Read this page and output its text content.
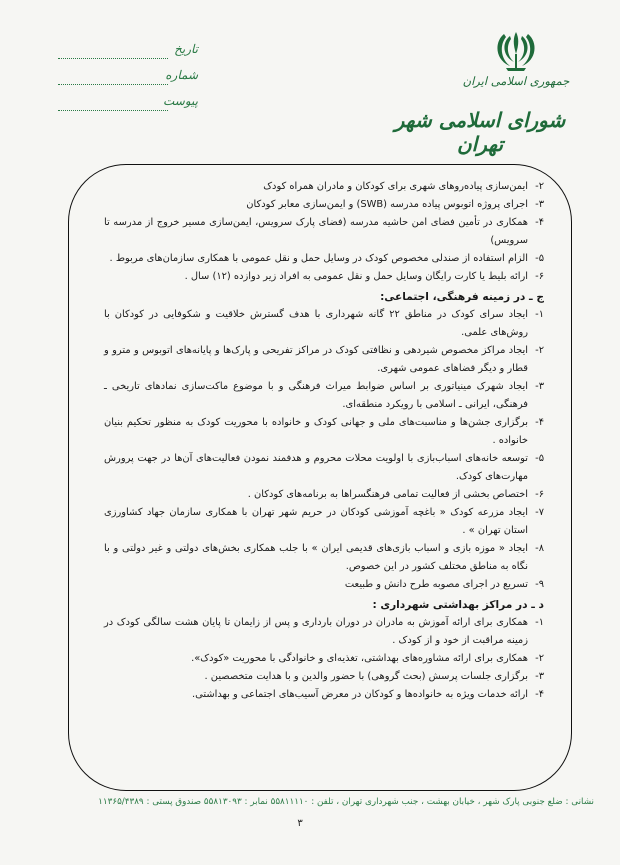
جمهوری اسلامی ایران
شورای اسلامی شهر تهران
تاریخ
شماره
پیوست
۲-
ایمن‌سازی پیاده‌روهای شهری برای کودکان و مادران همراه کودک
۳-
اجرای پروژه اتوبوس پیاده مدرسه (SWB) و ایمن‌سازی معابر کودکان
۴-
همکاری در تأمین فضای امن حاشیه مدرسه (فضای پارک سرویس، ایمن‌سازی مسیر خروج از مدرسه تا سرویس)
۵-
الزام استفاده از صندلی مخصوص کودک در وسایل حمل و نقل عمومی با همکاری سازمان‌های مربوط .
۶-
ارائه بلیط یا کارت رایگان وسایل حمل و نقل عمومی به افراد زیر دوازده (۱۲) سال .
ج ـ در زمینه فرهنگی، اجتماعی:
۱-
ایجاد سرای کودک در مناطق ۲۲ گانه شهرداری با هدف گسترش خلاقیت و شکوفایی در کودکان با روش‌های علمی.
۲-
ایجاد مراکز مخصوص شیردهی و نظافتی کودک در مراکز تفریحی و پارک‌ها و پایانه‌های اتوبوس و مترو و قطار و دیگر فضاهای عمومی شهری.
۳-
ایجاد شهرک مینیاتوری بر اساس ضوابط میراث فرهنگی و با موضوع ماکت‌سازی نمادهای تاریخی ـ فرهنگی، ایرانی ـ اسلامی با رویکرد منطقه‌ای.
۴-
برگزاری جشن‌ها و مناسبت‌های ملی و جهانی کودک و خانواده با محوریت کودک به منظور تحکیم بنیان خانواده .
۵-
توسعه خانه‌های اسباب‌بازی با اولویت محلات محروم و هدفمند نمودن فعالیت‌های آن‌ها در جهت پرورش مهارت‌های کودک.
۶-
اختصاص بخشی از فعالیت تمامی فرهنگسراها به برنامه‌های کودکان .
۷-
ایجاد مزرعه کودک « باغچه آموزشی کودکان در حریم شهر تهران با همکاری سازمان جهاد کشاورزی استان تهران » .
۸-
ایجاد « موزه بازی و اسباب بازی‌های قدیمی ایران » با جلب همکاری بخش‌های دولتی و غیر دولتی و با نگاه به مناطق مختلف کشور در این خصوص.
۹-
تسریع در اجرای مصوبه طرح دانش و طبیعت
د ـ در مراکز بهداشتی شهرداری :
۱-
همکاری برای ارائه آموزش به مادران در دوران بارداری و پس از زایمان تا پایان هشت سالگی کودک در زمینه مراقبت از خود و از کودک .
۲-
همکاری برای ارائه مشاوره‌های بهداشتی، تغذیه‌ای و خانوادگی با محوریت «کودک».
۳-
برگزاری جلسات پرسش (بحث گروهی) با حضور والدین و با هدایت متخصصین .
۴-
ارائه خدمات ویژه به خانواده‌ها و کودکان در معرض آسیب‌های اجتماعی و بهداشتی.
نشانی : ضلع جنوبی پارک شهر ، خیابان بهشت ، جنب شهرداری تهران ، تلفن : ۵۵۸۱۱۱۱۰ نمابر : ۵۵۸۱۳۰۹۳ صندوق پستی : ۱۱۳۶۵/۴۳۸۹
۳
